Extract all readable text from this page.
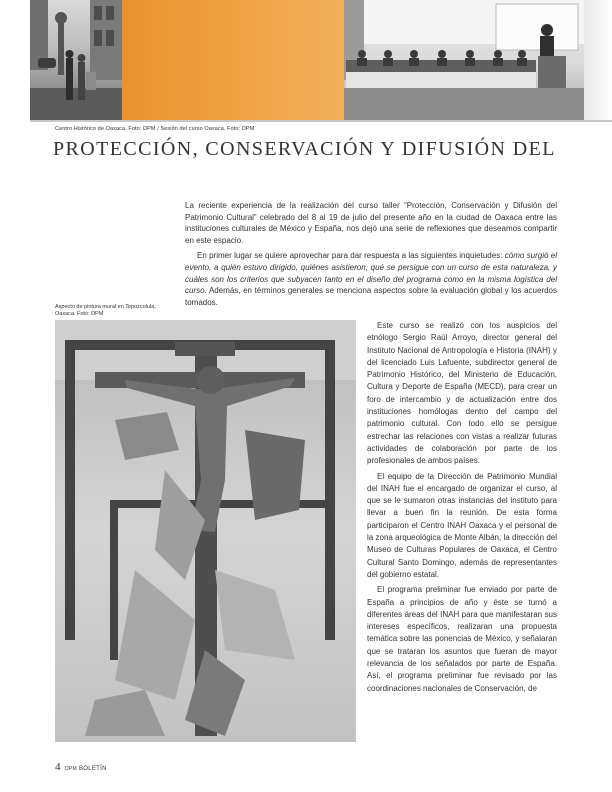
Centro Histórico de Oaxaca. Foto: DPM / Sesión del curso Oaxaca. Foto: DPM
PROTECCIÓN, CONSERVACIÓN Y DIFUSIÓN DEL

La reciente experiencia de la realización del curso taller “Protección, Conservación y Difusión del Patrimonio Cultural” celebrado del 8 al 19 de julio del presente año en la ciudad de Oaxaca entre las instituciones culturales de México y España, nos dejó una serie de reflexiones que deseamos compartir en este espacio.

En primer lugar se quiere aprovechar para dar respuesta a las siguientes inquietudes: cómo surgió el evento, a quién estuvo dirigido, quiénes asistieron, qué se persigue con un curso de esta naturaleza, y cuáles son los criterios que subyacen tanto en el diseño del programa como en la misma logística del curso. Además, en términos generales se menciona aspectos sobre la evaluación global y los acuerdos tomados.

Aspecto de pintura mural en Tepozcolula, Oaxaca. Foto: DPM

Este curso se realizó con los auspicios del etnólogo Sergio Raúl Arroyo, director general del Instituto Nacional de Antropología e Historia (INAH) y del licenciado Luis Lafuente, subdirector general de Patrimonio Histórico, del Ministerio de Educación, Cultura y Deporte de España (MECD), para crear un foro de intercambio y de actualización entre dos instituciones homólogas dentro del campo del patrimonio cultural. Con todo ello se persigue estrechar las relaciones con vistas a realizar futuras actividades de colaboración por parte de los profesionales de ambos países.

El equipo de la Dirección de Patrimonio Mundial del INAH fue el encargado de organizar el curso, al que se le sumaron otras instancias del instituto para llevar a buen fin la reunión. De esta forma participaron el Centro INAH Oaxaca y el personal de la zona arqueológica de Monte Albán, la dirección del Museo de Culturas Populares de Oaxaca, el Centro Cultural Santo Domingo, además de representantes del gobierno estatal.

El programa preliminar fue enviado por parte de España a principios de año y éste se turnó a diferentes áreas del INAH para que manifestaran sus intereses específicos, realizaran una propuesta temática sobre las ponencias de México, y señalaran que se trataran los asuntos que fueran de mayor relevancia de los señalados por parte de España. Así, el programa preliminar fue revisado por las coordinaciones nacionales de Conservación, de

4 DPM BOLETÍN
